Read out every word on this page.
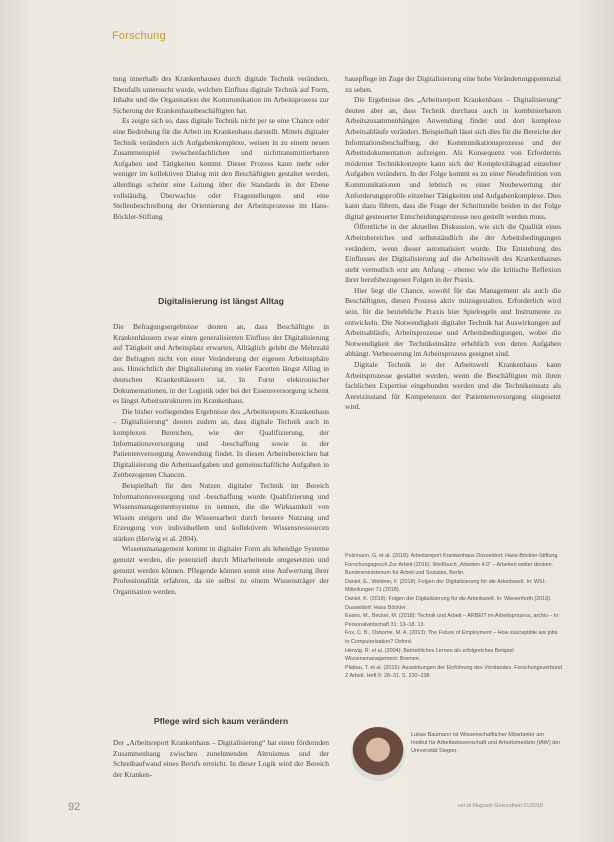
Forschung

tung innerhalb des Krankenhauses durch digitale Technik verändern. Ebenfalls untersucht wurde, welchen Einfluss digitale Technik auf Form, Inhalte und die Organisation der Kommunikation im Arbeitsprozess zur Sicherung der Krankenhausbeschäftigten hat.

Es zeigte sich so, dass digitale Technik nicht per se eine Chance oder eine Bedrohung für die Arbeit im Krankenhaus darstellt. Mittels digitaler Technik verändern sich Aufgabenkomplexe, weisen in zu einem neuen Zusammenspiel zwischenfachlichen und nichttransmittierbaren Aufgaben und Tätigkeiten kommt. Dieser Prozess kann mehr oder weniger im kollektiven Dialog mit den Beschäftigten gestaltet werden, allerdings scheint eine Leitung über die Standards in der Ebene vollständig. Überwachte oder Fragestellungen und eine Stellenbeschreibung der Orientierung der Arbeitsprozesse im Hans-Böckler-Stiftung

Digitalisierung ist längst Alltag

Die Befragungsergebnisse deuten an, dass Beschäftigte in Krankenhäusern zwar einen generalisierten Einfluss der Digitalisierung auf Tätigkeit und Arbeitsplatz erwarten, Alltäglich gelebt die Mehrzahl der Befragten nicht von einer Veränderung der eigenen Arbeitssphäre aus. Hinsichtlich der Digitalisierung im vieler Facetten längst Alltag in deutschen Krankenhäusern ist. In Form elektronischer Dokumentationen, in der Logistik oder bei der Essensversorgung scheint es längst Arbeitsstrukturen im Krankenhaus.

Die bisher vorliegenden Ergebnisse des „Arbeitsreports Krankenhaus – Digitalisierung“ deuten zudem an, dass digitale Technik auch in komplexen Bereichen, wie der Qualifizierung, der Informationsversorgung und -beschaffung sowie in der Patientenversorgung Anwendung findet. In diesen Arbeitsbereichen hat Digitalisierung die Arbeitsaufgaben und gemeinschaftliche Aufgaben in Zeitbezogenen Chancen.

Beispielhaft für den Nutzen digitaler Technik im Bereich Informationsversorgung und -beschaffung wurde Qualifizierung und Wissensmanagementsysteme zu nennen, die die Wirksamkeit von Wissen steigern und die Wissensarbeit durch bessere Nutzung und Erzeugung von individuellem und kollektivem Wissensressourcen stärken (Herwig et al. 2004).

Wissensmanagement kommt in digitaler Form als lebendige Systeme genutzt werden, die potenziell durch Mitarbeitende umgesetzten und genutzt werden können. Pflegende können somit eine Aufwertung ihrer Professionalität erfahren, da sie selbst zu einem Wissensträger der Organisation werden.

Pflege wird sich kaum verändern

Der „Arbeitsreport Krankenhaus – Digitalisierung“ hat einen fördernden Zusammenhang zwischen zunehmenden Altruismus und der Schreibaufwand eines Berufs erreicht. In dieser Logik wird der Bereich der Kranken-

hauspflege im Zuge der Digitalisierung eine hohe Veränderungspotenzial zu sehen.

Die Ergebnisse des „Arbeitsreport Krankenhaus – Digitalisierung“ deuten aber an, dass Technik durchaus auch in kombinierbaren Arbeitszusammenhängen Anwendung findet und dort komplexe Arbeitsabläufe verändert. Beispielhaft lässt sich dies für die Bereiche der Informationsbeschaffung, der Kommunikationsprozesse und der Arbeitsdokumentation aufzeigen. Als Konsequenz von Erfordernis möderner Technikkonzepte kann sich der Komplexitätsgrad einzelner Aufgaben verändern. In der Folge kommt es zu einer Neudefinition von Kommunikationen und lebtisch es einer Neubewertung der Anforderungsprofile einzelner Tätigkeiten und Aufgabenkomplexe. Dies kann dazu führen, dass die Frage der Schnittstelle beiden in der Folge digital gesteuerter Entscheidungsprozesse neu gestellt werden muss.

Öffentliche in der aktuellen Diskussion, wie sich die Qualität eines Arbeitsbereiches und selbstständlich die der Arbeitsbedingungen verändern, wenn dieser automatisiert wurde. Die Entstehung des Einflusses der Digitalisierung auf die Arbeitswelt des Krankenhauses steht vermutlich erst am Anfang – ebenso wie die kritische Reflexion ihrer berufsbezogenen Folgen in der Praxis.

Hier liegt die Chance, sowohl für das Management als auch die Beschäftigten, diesen Prozess aktiv mitzugestalten. Erforderlich wird sein, für die betriebliche Praxis hier Spielregeln und Instrumente zu entwickeln. Die Notwendigkeit digitaler Technik hat Auswirkungen auf Arbeitsabläufe, Arbeitsprozesse und Arbeitsbedingungen, wobei die Notwendigkeit der Technikeinsätze erheblich von deren Aufgaben abhängt. Verbesserung im Arbeitsprozess geeignet sind.

Digitale Technik in der Arbeitswelt Krankenhaus kann Arbeitsprozesse gestaltet werden, wenn die Beschäftigten mit ihren fachlichen Expertise eingebunden werden und die Technikeinsatz als Anreizinstand für Kompetenzen der Patientenversorgung eingesetzt wird.

Polzmann, G. et al. (2018): Arbeitsreport Krankenhaus Düsseldorf, Hans-Böckler-Stiftung.
Forschungsgesch.Zur Arbeit (2016): Weißbuch „Arbeiten 4.0“ – Arbeiten weiter denken. Bundesministerium für Arbeit und Soziales, Berlin.
Daniel, E., Weidner, F. (2018): Folgen der Digitalisierung für die Arbeitswelt. In: WSI-Mitteilungen 71 (2018).
Daniel, K. (2019): Folgen der Digitalisierung für die Arbeitswelt. In: Wiesenfurth (2019). Dusseldorf: Hans Böckler.
Evans, M., Becker, M. (2018): Technik und Arbeit – ARBEIT im Arbeitsprozess, archiv – in: Personalwirtschaft 31: 13–18. 13.
Fox, C. B., Osborne, M. A. (2013): The Future of Employment – How susceptible are jobs to Computerisation? Oxford.
Herwig, R. et al. (2004): Betriebliches Lernen als erfolgreiches Beispiel Wissensmanagement. Bremen.
Plattau, T. et al. (2015): Auswirkungen der Einführung des Vorstandes. Forschungsverbund Z Arbeit. Heft 5: 28–31. S. 230–238.
Lukas Baumann ist Wissenschaftlicher Mitarbeiter am Institut für Arbeitswissenschaft und Arbeitsmedizin (IAW) der Universität Siegen.
92	ver.di Magazin Gesundheit 01/2019
